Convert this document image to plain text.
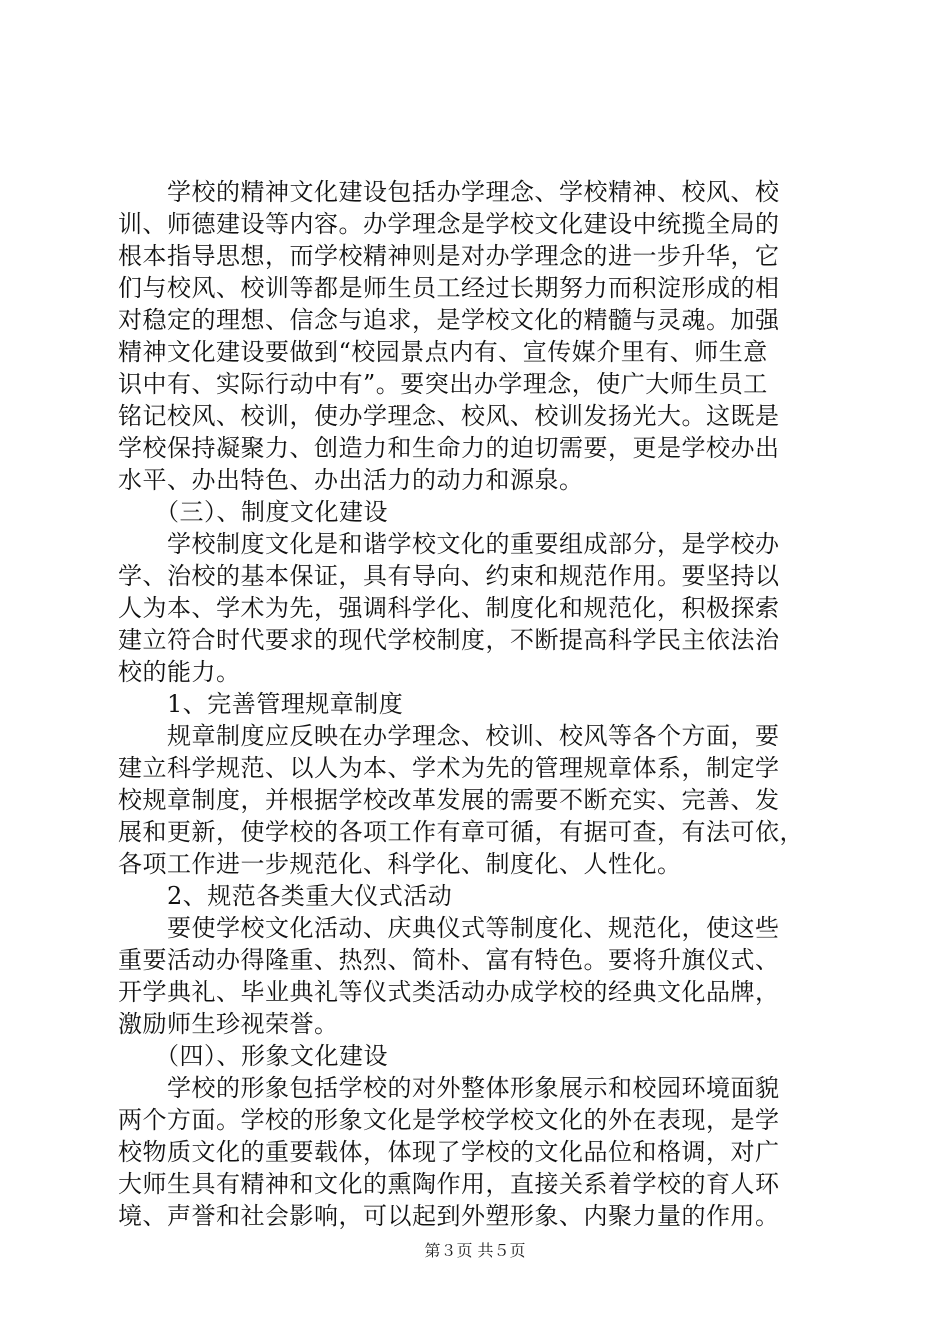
　　学校的精神文化建设包括办学理念、学校精神、校风、校
训、师德建设等内容。办学理念是学校文化建设中统揽全局的
根本指导思想，而学校精神则是对办学理念的进一步升华，它
们与校风、校训等都是师生员工经过长期努力而积淀形成的相
对稳定的理想、信念与追求，是学校文化的精髓与灵魂。加强
精神文化建设要做到“校园景点内有、宣传媒介里有、师生意
识中有、实际行动中有”。要突出办学理念，使广大师生员工
铭记校风、校训，使办学理念、校风、校训发扬光大。这既是
学校保持凝聚力、创造力和生命力的迫切需要，更是学校办出
水平、办出特色、办出活力的动力和源泉。
　　（三）、制度文化建设
　　学校制度文化是和谐学校文化的重要组成部分，是学校办
学、治校的基本保证，具有导向、约束和规范作用。要坚持以
人为本、学术为先，强调科学化、制度化和规范化，积极探索
建立符合时代要求的现代学校制度，不断提高科学民主依法治
校的能力。
　　1、完善管理规章制度
　　规章制度应反映在办学理念、校训、校风等各个方面，要
建立科学规范、以人为本、学术为先的管理规章体系，制定学
校规章制度，并根据学校改革发展的需要不断充实、完善、发
展和更新，使学校的各项工作有章可循，有据可查，有法可依，
各项工作进一步规范化、科学化、制度化、人性化。
　　2、规范各类重大仪式活动
　　要使学校文化活动、庆典仪式等制度化、规范化，使这些
重要活动办得隆重、热烈、简朴、富有特色。要将升旗仪式、
开学典礼、毕业典礼等仪式类活动办成学校的经典文化品牌，
激励师生珍视荣誉。
　　（四）、形象文化建设
　　学校的形象包括学校的对外整体形象展示和校园环境面貌
两个方面。学校的形象文化是学校学校文化的外在表现，是学
校物质文化的重要载体，体现了学校的文化品位和格调，对广
大师生具有精神和文化的熏陶作用，直接关系着学校的育人环
境、声誉和社会影响，可以起到外塑形象、内聚力量的作用。
第３页 共５页
